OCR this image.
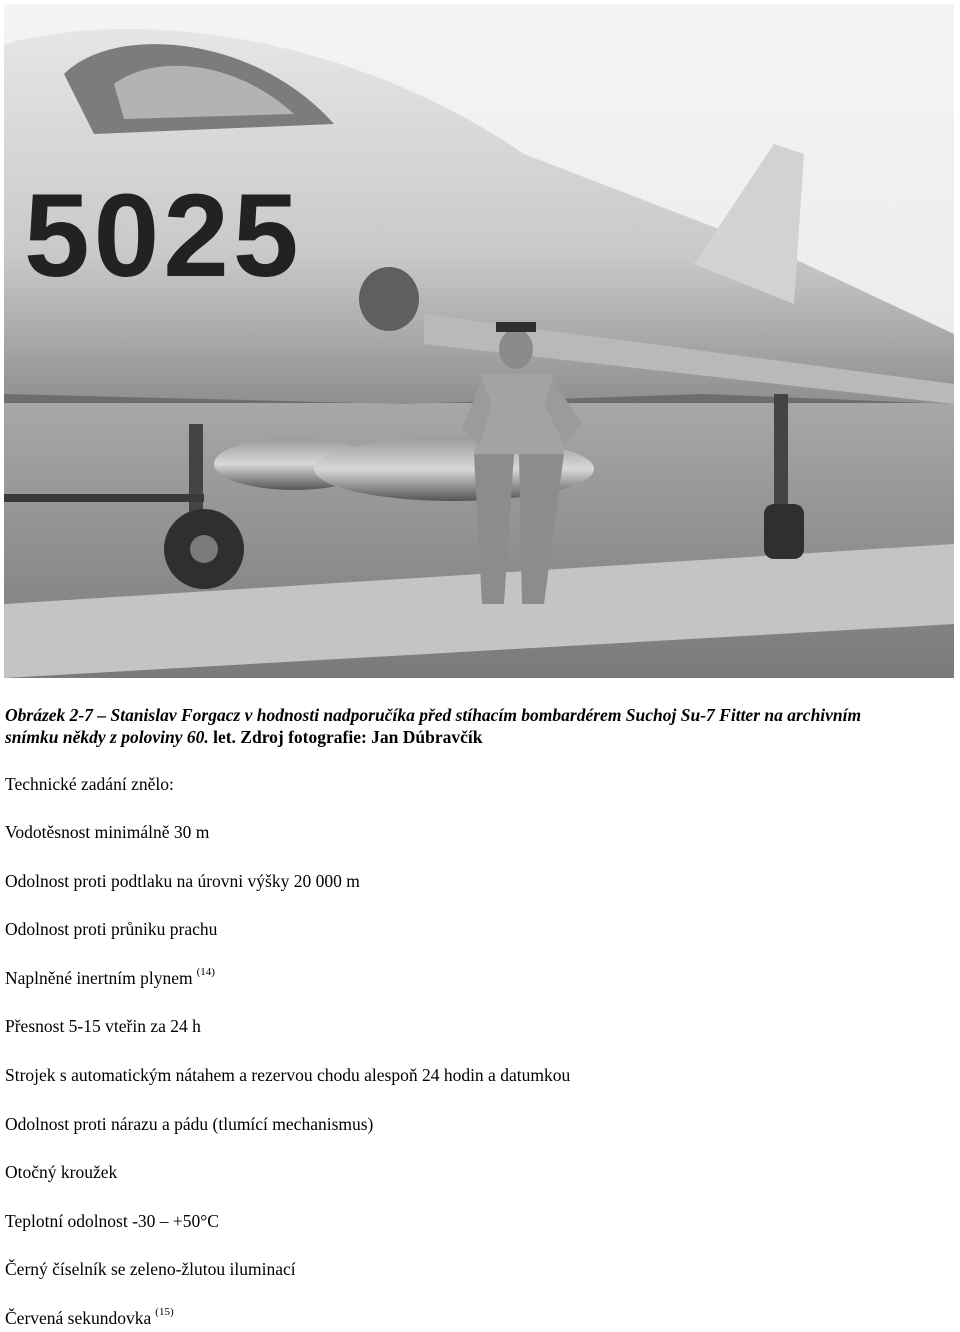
5025
Obrázek 2-7 – Stanislav Forgacz v hodnosti nadporučíka před stíhacím bombardérem Suchoj Su-7 Fitter na archivním snímku někdy z poloviny 60. let. Zdroj fotografie: Jan Dúbravčík
Technické zadání znělo:
Vodotěsnost minimálně 30 m
Odolnost proti podtlaku na úrovni výšky 20 000 m
Odolnost proti průniku prachu
Naplněné inertním plynem $^{(14)}$
Přesnost 5-15 vteřin za 24 h
Strojek s automatickým nátahem a rezervou chodu alespoň 24 hodin a datumkou
Odolnost proti nárazu a pádu (tlumící mechanismus)
Otočný kroužek
Teplotní odolnost -30 – +50°C
Černý číselník se zeleno-žlutou iluminací
Červená sekundovka $^{(15)}$
